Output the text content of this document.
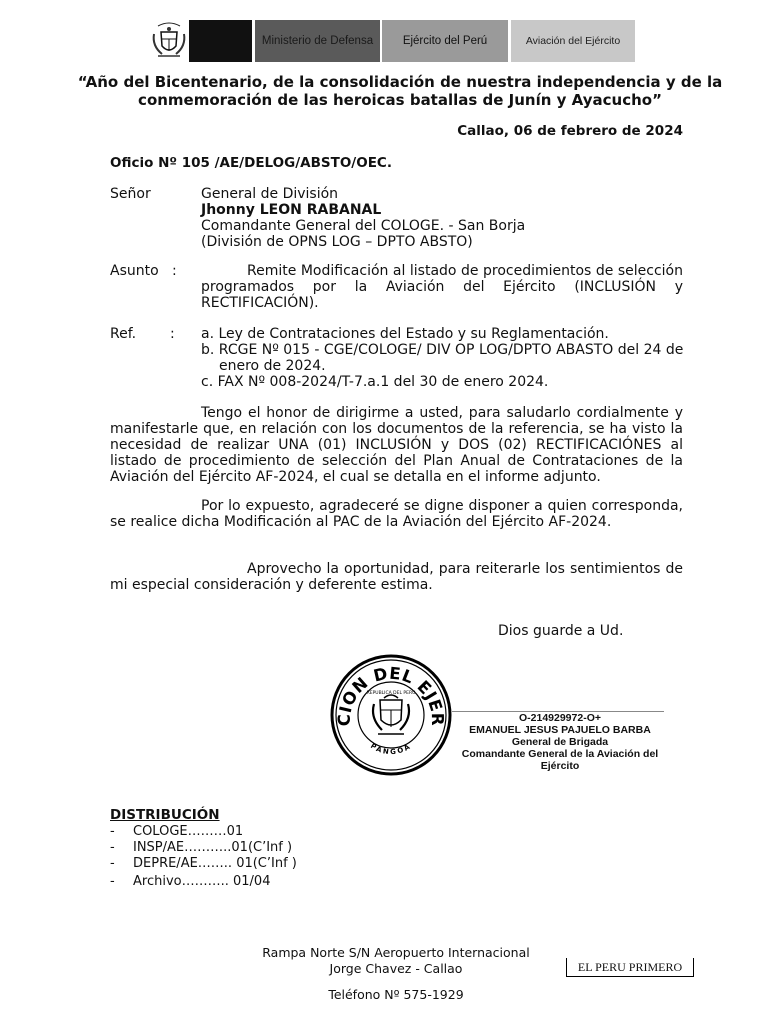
Ministerio de Defensa	Ejército del Perú	Aviación del Ejército
“Año del Bicentenario, de la consolidación de nuestra independencia y de la conmemoración de las heroicas batallas de Junín y Ayacucho”
Callao, 06 de febrero de 2024
Oficio Nº 105 /AE/DELOG/ABSTO/OEC.
Señor	General de División
Jhonny LEON RABANAL
Comandante General del COLOGE. - San Borja
(División de OPNS LOG – DPTO ABSTO)
Asunto :	Remite Modificación al listado de procedimientos de selección programados por la Aviación del Ejército (INCLUSIÓN y RECTIFICACIÓN).
Ref. : a. Ley de Contrataciones del Estado y su Reglamentación.
b. RCGE Nº 015 - CGE/COLOGE/ DIV OP LOG/DPTO ABASTO del 24 de enero de 2024.
c. FAX Nº 008-2024/T-7.a.1 del 30 de enero 2024.
Tengo el honor de dirigirme a usted, para saludarlo cordialmente y manifestarle que, en relación con los documentos de la referencia, se ha visto la necesidad de realizar UNA (01) INCLUSIÓN y DOS (02) RECTIFICACIÓNES al listado de procedimiento de selección del Plan Anual de Contrataciones de la Aviación del Ejército AF-2024, el cual se detalla en el informe adjunto.
Por lo expuesto, agradeceré se digne disponer a quien corresponda, se realice dicha Modificación al PAC de la Aviación del Ejército AF-2024.
Aprovecho la oportunidad, para reiterarle los sentimientos de mi especial consideración y deferente estima.
Dios guarde a Ud.
CION DEL EJER
PANGOA
REPUBLICA DEL PERU
O-214929972-O+
EMANUEL JESUS PAJUELO BARBA
General de Brigada
Comandante General de la Aviación del Ejército
DISTRIBUCIÓN
- COLOGE………01
- INSP/AE………..01(C’Inf )
- DEPRE/AE…….. 01(C’Inf )
- Archivo……….. 01/04
Rampa Norte S/N Aeropuerto Internacional
Jorge Chavez - Callao
Teléfono Nº 575-1929
EL PERU PRIMERO
